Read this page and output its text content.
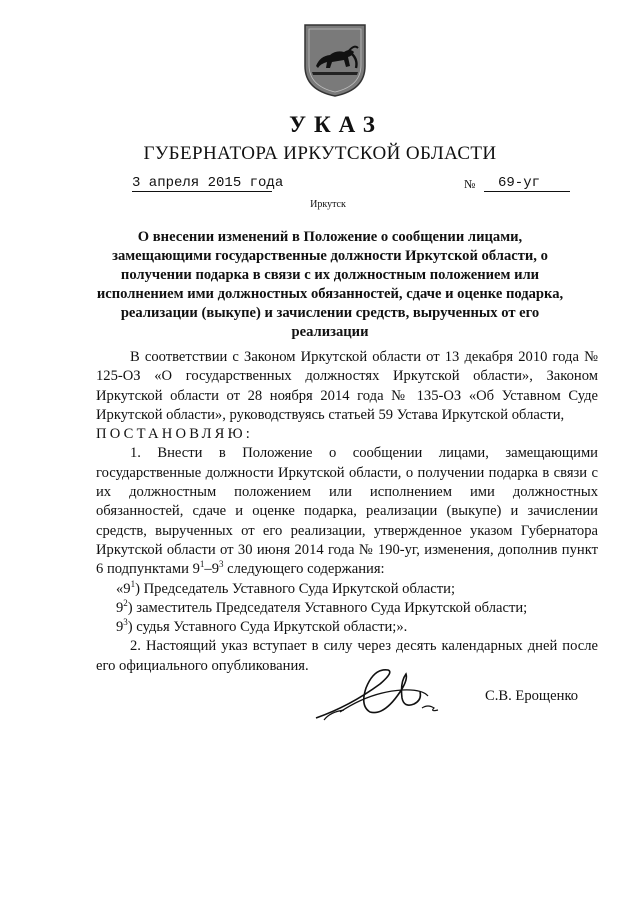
УКАЗ
ГУБЕРНАТОРА ИРКУТСКОЙ ОБЛАСТИ
3 апреля 2015 года	№	69-уг
Иркутск
О внесении изменений в Положение о сообщении лицами, замещающими государственные должности Иркутской области, о получении подарка в связи с их должностным положением или исполнением ими должностных обязанностей, сдаче и оценке подарка, реализации (выкупе) и зачислении средств, вырученных от его реализации

В соответствии с Законом Иркутской области от 13 декабря 2010 года № 125-ОЗ «О государственных должностях Иркутской области», Законом Иркутской области от 28 ноября 2014 года № 135-ОЗ «Об Уставном Суде Иркутской области», руководствуясь статьей 59 Устава Иркутской области,

ПОСТАНОВЛЯЮ:

1. Внести в Положение о сообщении лицами, замещающими государственные должности Иркутской области, о получении подарка в связи с их должностным положением или исполнением ими должностных обязанностей, сдаче и оценке подарка, реализации (выкупе) и зачислении средств, вырученных от его реализации, утвержденное указом Губернатора Иркутской области от 30 июня 2014 года № 190-уг, изменения, дополнив пункт 6 подпунктами $9^1-9^3$ следующего содержания:

«$9^1$) Председатель Уставного Суда Иркутской области;

$9^2$) заместитель Председателя Уставного Суда Иркутской области;

$9^3$) судья Уставного Суда Иркутской области;».

2. Настоящий указ вступает в силу через десять календарных дней после его официального опубликования.

С.В. Ерощенко
